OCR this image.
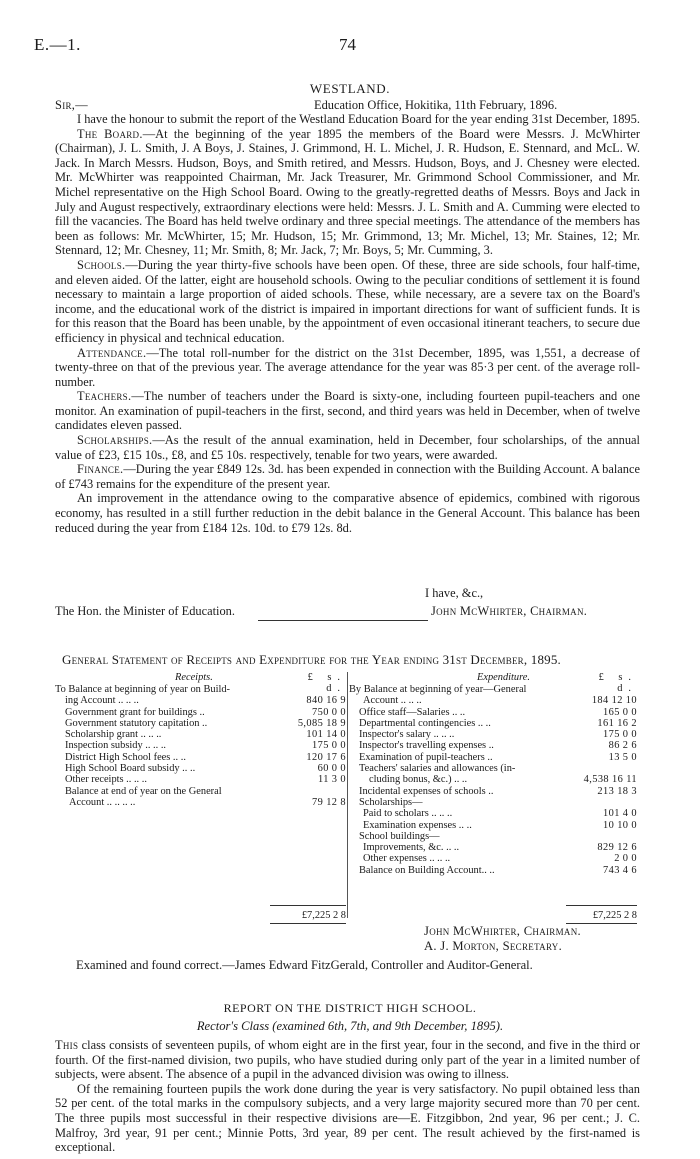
E.—1.	74
WESTLAND.
Sir,—	Education Office, Hokitika, 11th February, 1896.

I have the honour to submit the report of the Westland Education Board for the year ending 31st December, 1895.

The Board.—At the beginning of the year 1895 the members of the Board were Messrs. J. McWhirter (Chairman), J. L. Smith, J. A Boys, J. Staines, J. Grimmond, H. L. Michel, J. R. Hudson, E. Stennard, and McL. W. Jack. In March Messrs. Hudson, Boys, and Smith retired, and Messrs. Hudson, Boys, and J. Chesney were elected. Mr. McWhirter was reappointed Chairman, Mr. Jack Treasurer, Mr. Grimmond School Commissioner, and Mr. Michel representative on the High School Board. Owing to the greatly-regretted deaths of Messrs. Boys and Jack in July and August respectively, extraordinary elections were held: Messrs. J. L. Smith and A. Cumming were elected to fill the vacancies. The Board has held twelve ordinary and three special meetings. The attendance of the members has been as follows: Mr. McWhirter, 15; Mr. Hudson, 15; Mr. Grimmond, 13; Mr. Michel, 13; Mr. Staines, 12; Mr. Stennard, 12; Mr. Chesney, 11; Mr. Smith, 8; Mr. Jack, 7; Mr. Boys, 5; Mr. Cumming, 3.

Schools.—During the year thirty-five schools have been open. Of these, three are side schools, four half-time, and eleven aided. Of the latter, eight are household schools. Owing to the peculiar conditions of settlement it is found necessary to maintain a large proportion of aided schools. These, while necessary, are a severe tax on the Board's income, and the educational work of the district is impaired in important directions for want of sufficient funds. It is for this reason that the Board has been unable, by the appointment of even occasional itinerant teachers, to secure due efficiency in physical and technical education.

Attendance.—The total roll-number for the district on the 31st December, 1895, was 1,551, a decrease of twenty-three on that of the previous year. The average attendance for the year was 85·3 per cent. of the average roll-number.

Teachers.—The number of teachers under the Board is sixty-one, including fourteen pupil-teachers and one monitor. An examination of pupil-teachers in the first, second, and third years was held in December, when of twelve candidates eleven passed.

Scholarships.—As the result of the annual examination, held in December, four scholarships, of the annual value of £23, £15 10s., £8, and £5 10s. respectively, tenable for two years, were awarded.

Finance.—During the year £849 12s. 3d. has been expended in connection with the Building Account. A balance of £743 remains for the expenditure of the present year.

An improvement in the attendance owing to the comparative absence of epidemics, combined with rigorous economy, has resulted in a still further reduction in the debit balance in the General Account. This balance has been reduced during the year from £184 12s. 10d. to £79 12s. 8d.

I have, &c.,
The Hon. the Minister of Education.	John McWhirter, Chairman.
General Statement of Receipts and Expenditure for the Year ending 31st December, 1895.
Receipts.	£ s. d.
To Balance at beginning of year on Build-
ing Account .. .. ..	840 16 9
Government grant for buildings ..	750 0 0
Government statutory capitation ..	5,085 18 9
Scholarship grant .. .. ..	101 14 0
Inspection subsidy .. .. ..	175 0 0
District High School fees .. ..	120 17 6
High School Board subsidy .. ..	60 0 0
Other receipts .. .. ..	11 3 0
Balance at end of year on the General
Account .. .. .. ..	79 12 8
Expenditure.	£ s. d.
By Balance at beginning of year—General
Account .. .. ..	184 12 10
Office staff—Salaries .. ..	165 0 0
Departmental contingencies .. ..	161 16 2
Inspector's salary .. .. ..	175 0 0
Inspector's travelling expenses ..	86 2 6
Examination of pupil-teachers ..	13 5 0
Teachers' salaries and allowances (in-
cluding bonus, &c.) .. ..	4,538 16 11
Incidental expenses of schools ..	213 18 3
Scholarships—
Paid to scholars .. .. ..	101 4 0
Examination expenses .. ..	10 10 0
School buildings—
Improvements, &c. .. ..	829 12 6
Other expenses .. .. ..	2 0 0
Balance on Building Account.. ..	743 4 6
£7,225 2 8	£7,225 2 8
John McWhirter, Chairman.
A. J. Morton, Secretary.
Examined and found correct.—James Edward FitzGerald, Controller and Auditor-General.
REPORT ON THE DISTRICT HIGH SCHOOL.
Rector's Class (examined 6th, 7th, and 9th December, 1895).

This class consists of seventeen pupils, of whom eight are in the first year, four in the second, and five in the third or fourth. Of the first-named division, two pupils, who have studied during only part of the year in a limited number of subjects, were absent. The absence of a pupil in the advanced division was owing to illness.

Of the remaining fourteen pupils the work done during the year is very satisfactory. No pupil obtained less than 52 per cent. of the total marks in the compulsory subjects, and a very large majority secured more than 70 per cent. The three pupils most successful in their respective divisions are—E. Fitzgibbon, 2nd year, 96 per cent.; J. C. Malfroy, 3rd year, 91 per cent.; Minnie Potts, 3rd year, 89 per cent. The result achieved by the first-named is exceptional.
